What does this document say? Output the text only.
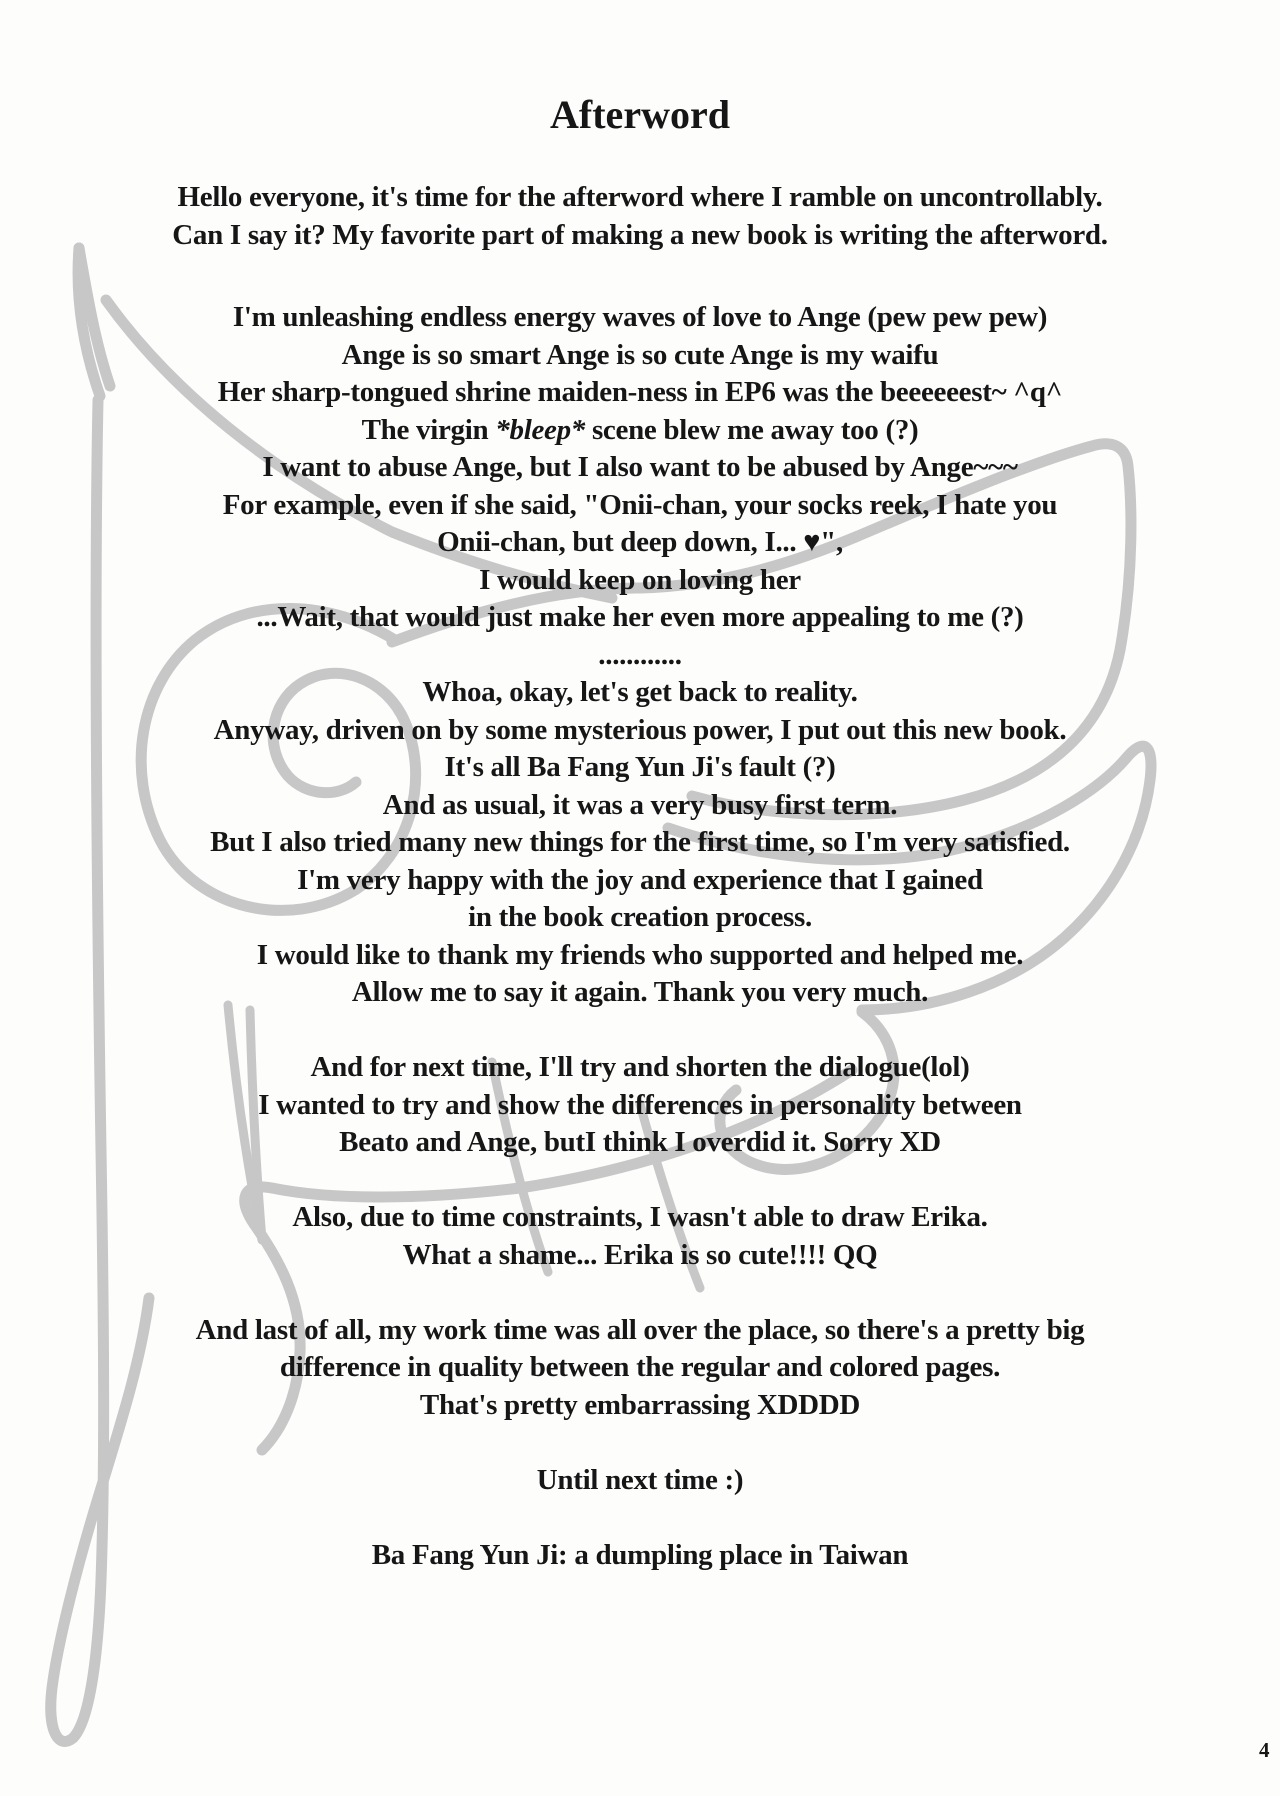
Afterword
Hello everyone, it's time for the afterword where I ramble on uncontrollably.
Can I say it? My favorite part of making a new book is writing the afterword.
I'm unleashing endless energy waves of love to Ange (pew pew pew)
Ange is so smart Ange is so cute Ange is my waifu
Her sharp-tongued shrine maiden-ness in EP6 was the beeeeeest~ ^q^
The virgin *bleep* scene blew me away too (?)
I want to abuse Ange, but I also want to be abused by Ange~~~
For example, even if she said, "Onii-chan, your socks reek, I hate you
Onii-chan, but deep down, I... ♥",
I would keep on loving her
...Wait, that would just make her even more appealing to me (?)
............
Whoa, okay, let's get back to reality.
Anyway, driven on by some mysterious power, I put out this new book.
It's all Ba Fang Yun Ji's fault (?)
And as usual, it was a very busy first term.
But I also tried many new things for the first time, so I'm very satisfied.
I'm very happy with the joy and experience that I gained
in the book creation process.
I would like to thank my friends who supported and helped me.
Allow me to say it again. Thank you very much.
And for next time, I'll try and shorten the dialogue(lol)
I wanted to try and show the differences in personality between
Beato and Ange, butI think I overdid it. Sorry XD
Also, due to time constraints, I wasn't able to draw Erika.
What a shame... Erika is so cute!!!! QQ
And last of all, my work time was all over the place, so there's a pretty big
difference in quality between the regular and colored pages.
That's pretty embarrassing XDDDD
Until next time :)
Ba Fang Yun Ji: a dumpling place in Taiwan
4
